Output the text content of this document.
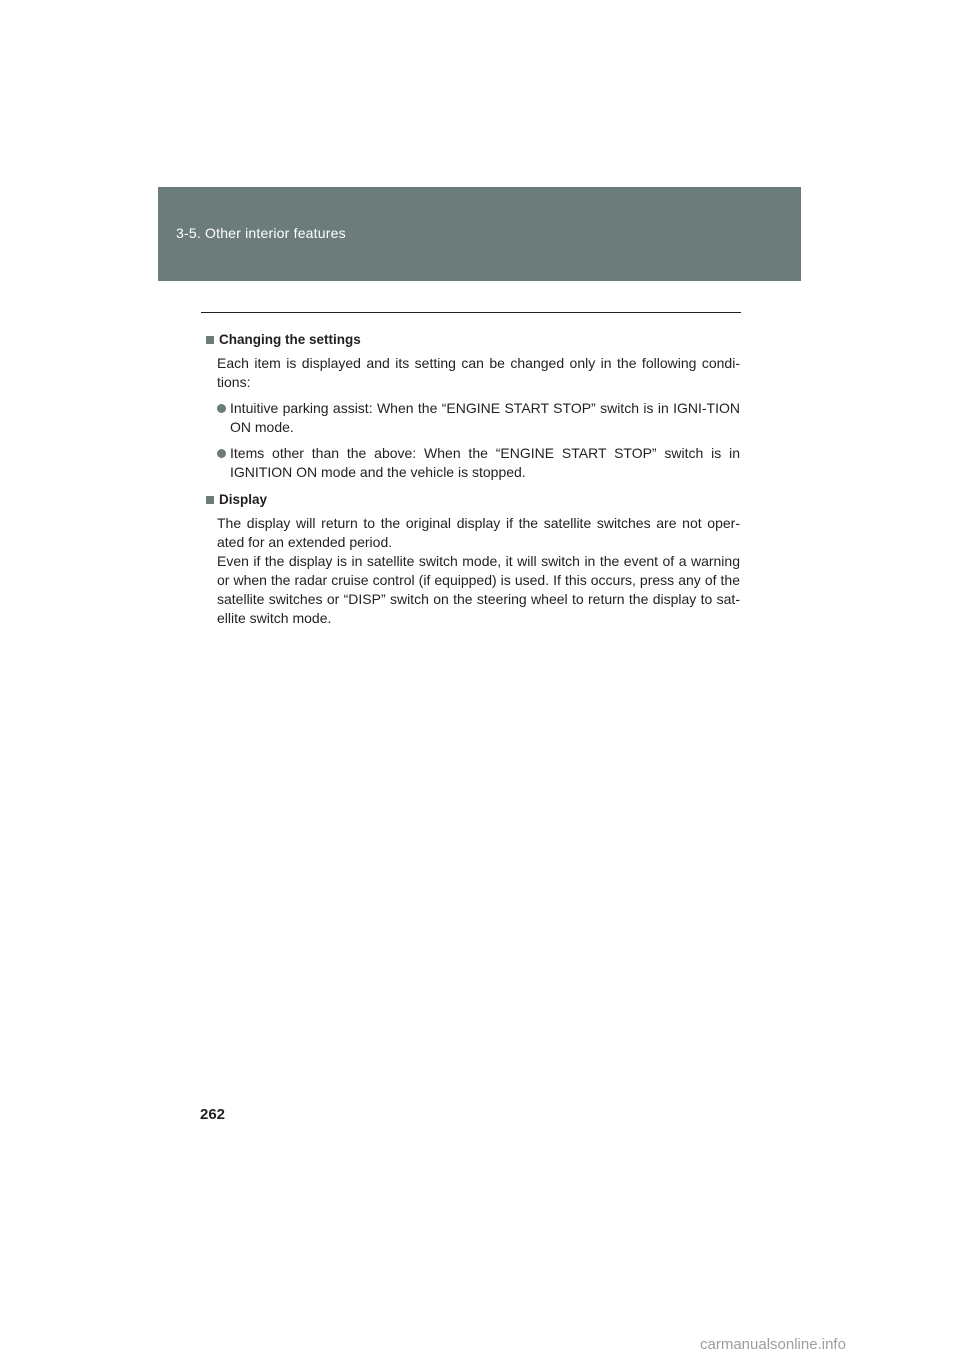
3-5. Other interior features
Changing the settings

Each item is displayed and its setting can be changed only in the following condi-tions:

Intuitive parking assist: When the “ENGINE START STOP” switch is in IGNI-TION ON mode.
Items other than the above: When the “ENGINE START STOP” switch is in IGNITION ON mode and the vehicle is stopped.
Display

The display will return to the original display if the satellite switches are not oper-ated for an extended period.

Even if the display is in satellite switch mode, it will switch in the event of a warning or when the radar cruise control (if equipped) is used. If this occurs, press any of the satellite switches or “DISP” switch on the steering wheel to return the display to sat-ellite switch mode.

262
carmanualsonline.info
